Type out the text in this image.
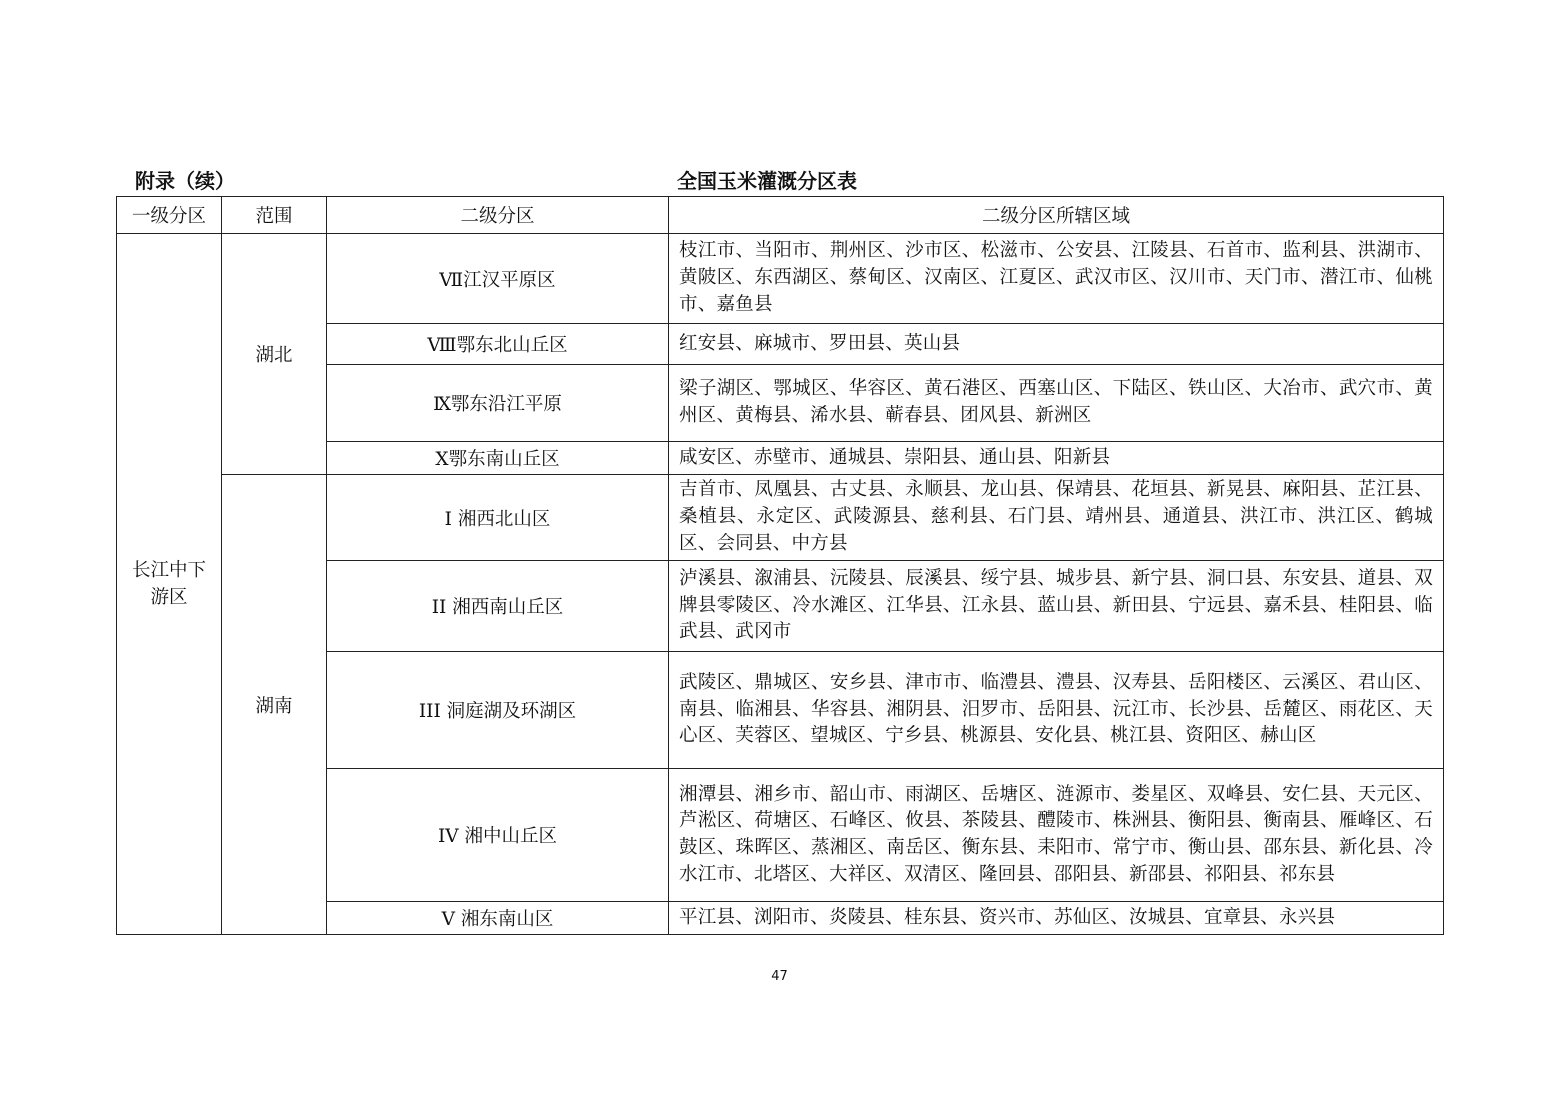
附录（续）	全国玉米灌溉分区表
一级分区	范围	二级分区	二级分区所辖区域
长江中下游区	湖北	Ⅶ江汉平原区	枝江市、当阳市、荆州区、沙市区、松滋市、公安县、江陵县、石首市、监利县、洪湖市、黄陂区、东西湖区、蔡甸区、汉南区、江夏区、武汉市区、汉川市、天门市、潜江市、仙桃市、嘉鱼县
		Ⅷ鄂东北山丘区	红安县、麻城市、罗田县、英山县
		Ⅸ鄂东沿江平原	梁子湖区、鄂城区、华容区、黄石港区、西塞山区、下陆区、铁山区、大冶市、武穴市、黄州区、黄梅县、浠水县、蕲春县、团风县、新洲区
		Ⅹ鄂东南山丘区	咸安区、赤壁市、通城县、崇阳县、通山县、阳新县
	湖南	I 湘西北山区	吉首市、凤凰县、古丈县、永顺县、龙山县、保靖县、花垣县、新晃县、麻阳县、芷江县、桑植县、永定区、武陵源县、慈利县、石门县、靖州县、通道县、洪江市、洪江区、鹤城区、会同县、中方县
		II 湘西南山丘区	泸溪县、溆浦县、沅陵县、辰溪县、绥宁县、城步县、新宁县、洞口县、东安县、道县、双牌县零陵区、冷水滩区、江华县、江永县、蓝山县、新田县、宁远县、嘉禾县、桂阳县、临武县、武冈市
		III 洞庭湖及环湖区	武陵区、鼎城区、安乡县、津市市、临澧县、澧县、汉寿县、岳阳楼区、云溪区、君山区、南县、临湘县、华容县、湘阴县、汨罗市、岳阳县、沅江市、长沙县、岳麓区、雨花区、天心区、芙蓉区、望城区、宁乡县、桃源县、安化县、桃江县、资阳区、赫山区
		IV 湘中山丘区	湘潭县、湘乡市、韶山市、雨湖区、岳塘区、涟源市、娄星区、双峰县、安仁县、天元区、芦淞区、荷塘区、石峰区、攸县、茶陵县、醴陵市、株洲县、衡阳县、衡南县、雁峰区、石鼓区、珠晖区、蒸湘区、南岳区、衡东县、耒阳市、常宁市、衡山县、邵东县、新化县、冷水江市、北塔区、大祥区、双清区、隆回县、邵阳县、新邵县、祁阳县、祁东县
		V 湘东南山区	平江县、浏阳市、炎陵县、桂东县、资兴市、苏仙区、汝城县、宜章县、永兴县
47
